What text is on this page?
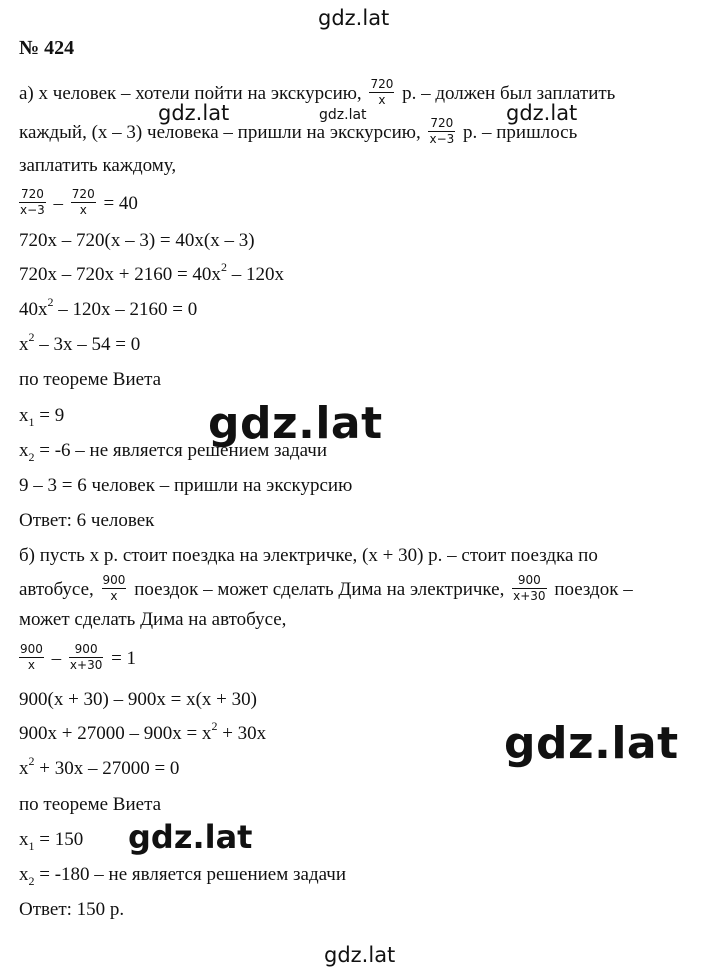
gdz.lat
gdz.lat	gdz.lat	gdz.lat
gdz.lat
gdz.lat
gdz.lat
gdz.lat
№ 424
а) х человек – хотели пойти на экскурсию, $\frac{720}{x} р$. – должен был заплатить
каждый, (х – 3) человека – пришли на экскурсию, $\frac{720}{x-3} р$. – пришлось
заплатить каждому,
$\frac{720}{x-3} - \frac{720}{x} = 40$
720х – 720(х – 3) = 40х(х – 3)
$720х - 720х + 2160 = 40х^2 - 120х$
$40х^2 - 120х - 2160 = 0$
$х^2 - 3х - 54 = 0$
по теореме Виета
$х_1 = 9$
$х_2 = -6$ – не является решением задачи
9 – 3 = 6 человек – пришли на экскурсию
Ответ: 6 человек
б) пусть х р. стоит поездка на электричке, (х + 30) р. – стоит поездка по
автобусе, $\frac{900}{x}$ поездок – может сделать Дима на электричке, $\frac{900}{x+30}$ поездок –
может сделать Дима на автобусе,
$\frac{900}{x} - \frac{900}{x+30} = 1$
900(х + 30) – 900х = х(х + 30)
$900х + 27000 - 900х = х^2 + 30х$
$х^2 + 30х - 27000 = 0$
по теореме Виета
$х_1 = 150$
$х_2 = -180$ – не является решением задачи
Ответ: 150 р.
